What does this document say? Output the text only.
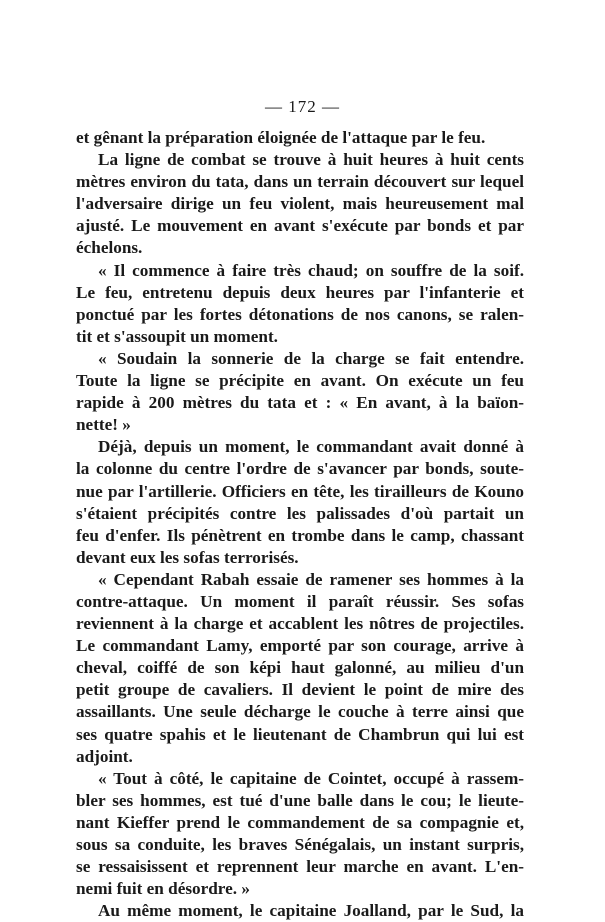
— 172 —
et gênant la préparation éloignée de l'attaque par le feu.
La ligne de combat se trouve à huit heures à huit cents
mètres environ du tata, dans un terrain découvert sur lequel
l'adversaire dirige un feu violent, mais heureusement mal
ajusté. Le mouvement en avant s'exécute par bonds et par
échelons.
« Il commence à faire très chaud; on souffre de la soif.
Le feu, entretenu depuis deux heures par l'infanterie et
ponctué par les fortes détonations de nos canons, se ralen-
tit et s'assoupit un moment.
« Soudain la sonnerie de la charge se fait entendre.
Toute la ligne se précipite en avant. On exécute un feu
rapide à 200 mètres du tata et : « En avant, à la baïon-
nette! »
Déjà, depuis un moment, le commandant avait donné à
la colonne du centre l'ordre de s'avancer par bonds, soute-
nue par l'artillerie. Officiers en tête, les tirailleurs de Kouno
s'étaient précipités contre les palissades d'où partait un
feu d'enfer. Ils pénètrent en trombe dans le camp, chassant
devant eux les sofas terrorisés.
« Cependant Rabah essaie de ramener ses hommes à la
contre-attaque. Un moment il paraît réussir. Ses sofas
reviennent à la charge et accablent les nôtres de projectiles.
Le commandant Lamy, emporté par son courage, arrive à
cheval, coiffé de son képi haut galonné, au milieu d'un
petit groupe de cavaliers. Il devient le point de mire des
assaillants. Une seule décharge le couche à terre ainsi que
ses quatre spahis et le lieutenant de Chambrun qui lui est
adjoint.
« Tout à côté, le capitaine de Cointet, occupé à rassem-
bler ses hommes, est tué d'une balle dans le cou; le lieute-
nant Kieffer prend le commandement de sa compagnie et,
sous sa conduite, les braves Sénégalais, un instant surpris,
se ressaisissent et reprennent leur marche en avant. L'en-
nemi fuit en désordre. »
Au même moment, le capitaine Joalland, par le Sud, la
